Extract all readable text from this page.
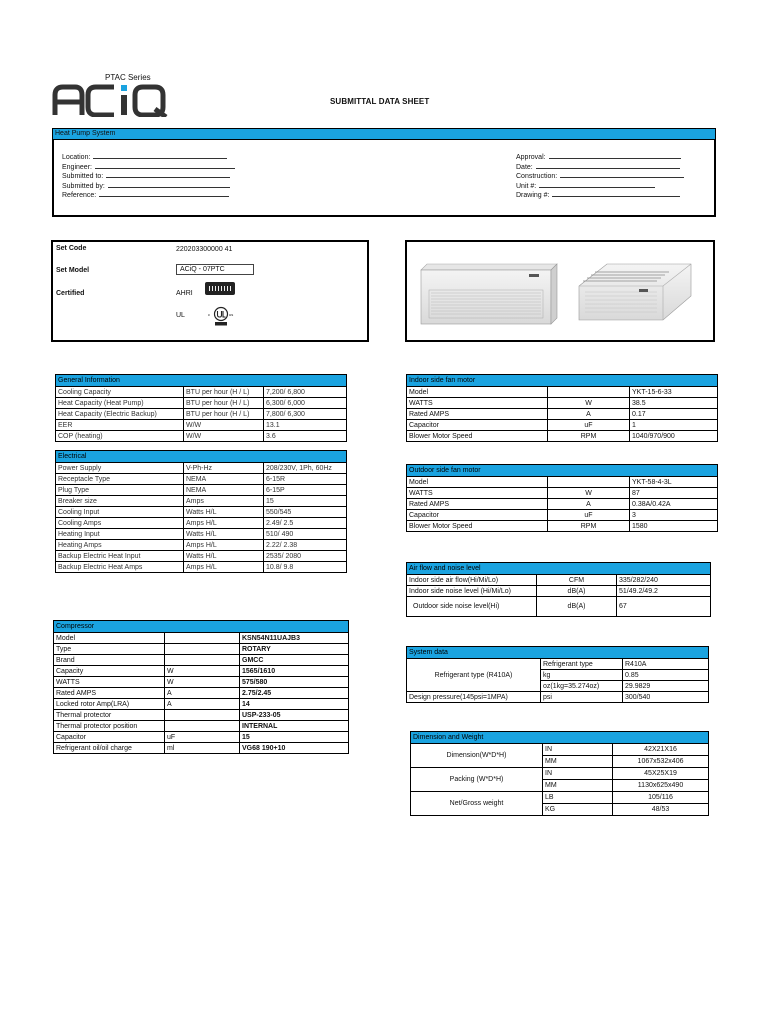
PTAC Series
SUBMITTAL DATA SHEET
Heat Pump System
Location:
Engineer:
Submitted to:
Submitted by:
Reference:
Approval:
Date:
Construction:
Unit #:
Drawing #:
Set Code	220203300000 41
Set Model	ACiQ - 07PTC
Certified	AHRI
UL	c	us
General Information		
Cooling Capacity	BTU per hour (H / L)	7,200/ 6,800
Heat Capacity (Heat Pump)	BTU per hour (H / L)	6,300/ 6,000
Heat Capacity (Electric Backup)	BTU per hour (H / L)	7,800/ 6,300
EER	W/W	13.1
COP (heating)	W/W	3.6

Electrical		
Power Supply	V-Ph-Hz	208/230V, 1Ph, 60Hz
Receptacle Type	NEMA	6-15R
Plug Type	NEMA	6-15P
Breaker size	Amps	15
Cooling Input	Watts H/L	550/545
Cooling Amps	Amps H/L	2.49/ 2.5
Heating Input	Watts H/L	510/ 490
Heating Amps	Amps H/L	2.22/ 2.38
Backup Electric Heat Input	Watts H/L	2535/ 2080
Backup Electric Heat Amps	Amps H/L	10.8/ 9.8
Compressor		
Model		KSN54N11UAJB3
Type		ROTARY
Brand		GMCC
Capacity	W	1565/1610
WATTS	W	575/580
Rated AMPS	A	2.75/2.45
Locked rotor Amp(LRA)	A	14
Thermal protector		USP-233-05
Thermal protector position		INTERNAL
Capacitor	uF	15
Refrigerant oil/oil charge	ml	VG68 190+10
Indoor side fan motor		
Model		YKT-15-6-33
WATTS	W	38.5
Rated AMPS	A	0.17
Capacitor	uF	1
Blower Motor Speed	RPM	1040/970/900
Outdoor side fan motor		
Model		YKT-58-4-3L
WATTS	W	87
Rated AMPS	A	0.38A/0.42A
Capacitor	uF	3
Blower Motor Speed	RPM	1580
Air flow and noise level		
Indoor side air flow(Hi/Mi/Lo)	CFM	335/282/240
Indoor side noise level (Hi/Mi/Lo)	dB(A)	51/49.2/49.2
Outdoor side noise level(Hi)	dB(A)	67
System data		
Refrigerant type (R410A)	Refrigerant type	R410A
	kg	0.85
	oz(1kg=35.274oz)	29.9829
Design pressure(145psi=1MPA)	psi	300/540
Dimension and Weight		
Dimension(W*D*H)	IN	42X21X16
	MM	1067x532x406
Packing (W*D*H)	IN	45X25X19
	MM	1130x625x490
Net/Gross weight	LB	105/116
	KG	48/53
